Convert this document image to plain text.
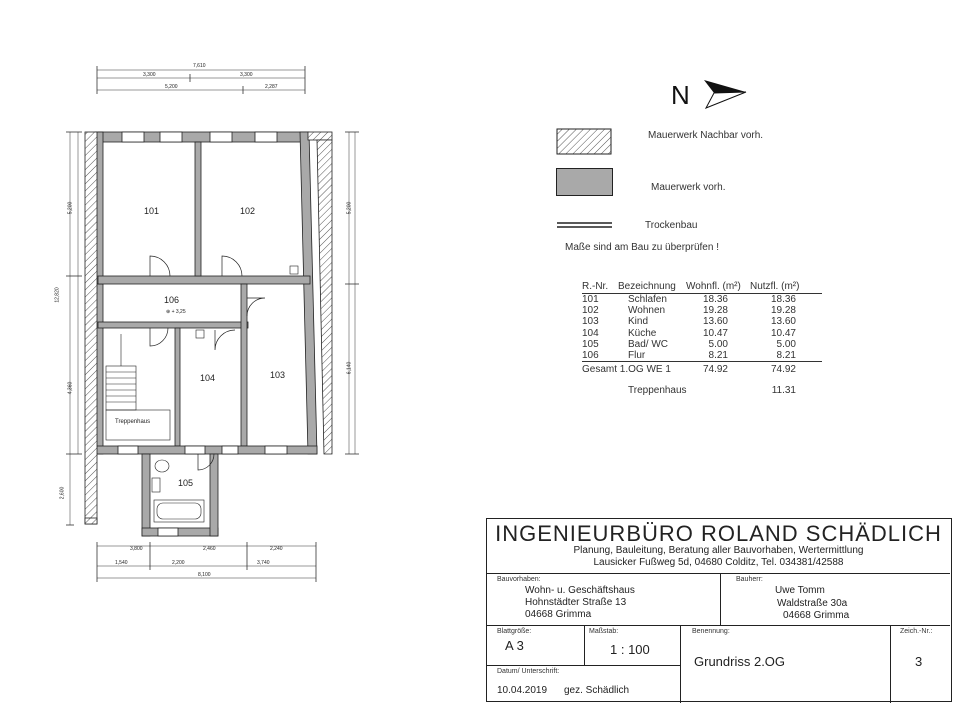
101	102
103
104
105
106
Treppenhaus
⊕ + 3,25
7,610
3,300	3,300
5,200	2,287
3,800	2,460	2,240
1,540	2,200	3,740
8,100
5,200
12,820
4,360
2,600
5,200
6,140
N
Mauerwerk Nachbar vorh.
Mauerwerk vorh.
Trockenbau
Maße sind am Bau zu überprüfen !
R.-Nr.	Bezeichnung	Wohnfl. (m²)	Nutzfl. (m²)
101	Schlafen	18.36	18.36
102	Wohnen	19.28	19.28
103	Kind	13.60	13.60
104	Küche	10.47	10.47
105	Bad/ WC	5.00	5.00
106	Flur	8.21	8.21
Gesamt 1.OG WE 1		74.92	74.92
	Treppenhaus		11.31
INGENIEURBÜRO ROLAND SCHÄDLICH
Planung, Bauleitung, Beratung aller Bauvorhaben, Wertermittlung
Lausicker Fußweg 5d, 04680 Colditz, Tel. 034381/42588
Bauvorhaben:
Wohn- u. Geschäftshaus
Hohnstädter Straße 13
04668 Grimma
Bauherr:
Uwe Tomm
Waldstraße 30a
04668 Grimma
Blattgröße:
A 3
Maßstab:
1 : 100
Benennung:
Grundriss 2.OG
Zeich.-Nr.:
3
Datum/ Unterschrift:
10.04.2019 gez. Schädlich
